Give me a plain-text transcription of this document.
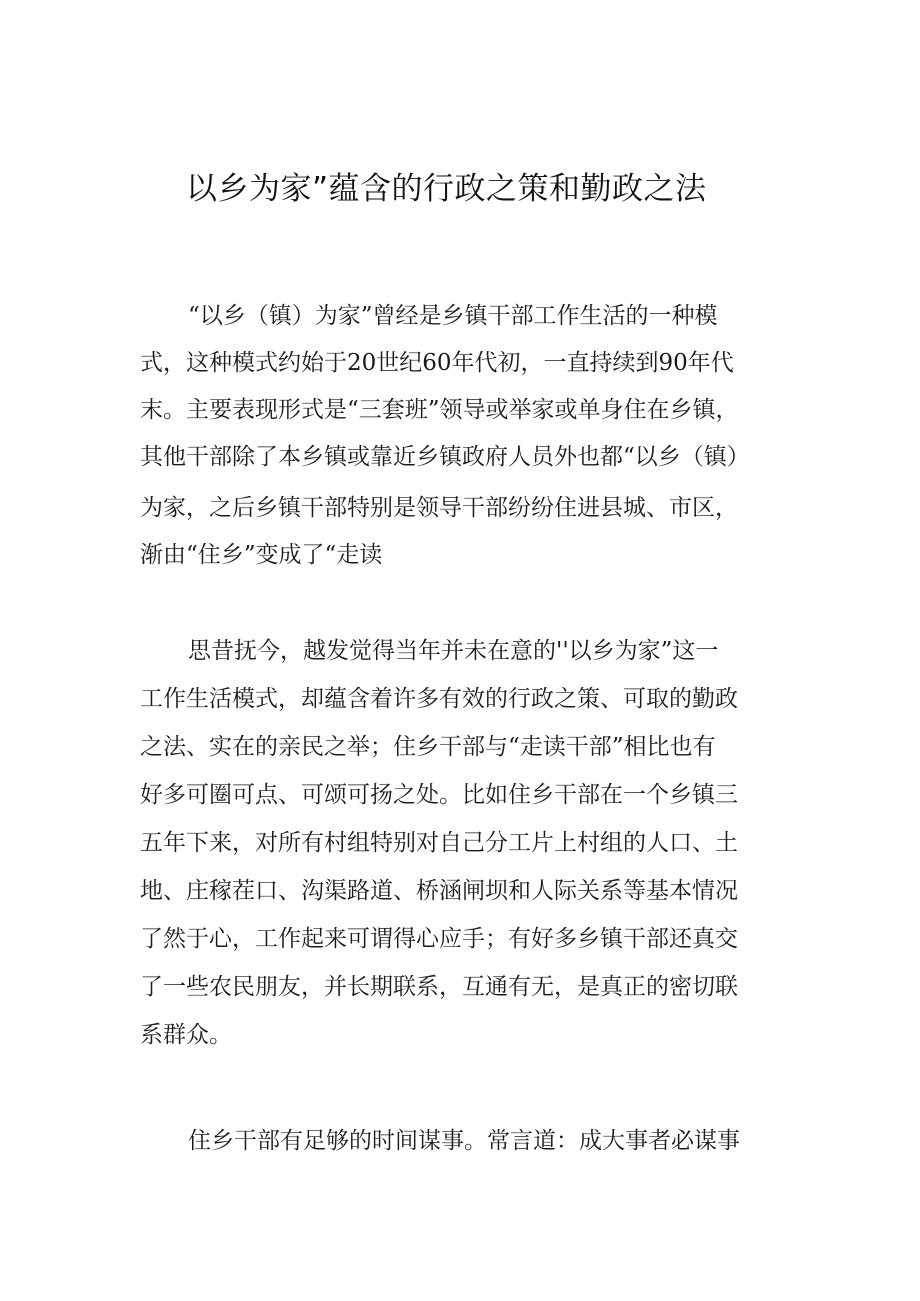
以乡为家”蕴含的行政之策和勤政之法
“以乡（镇）为家”曾经是乡镇干部工作生活的一种模
式，这种模式约始于20世纪60年代初，一直持续到90年代
末。主要表现形式是“三套班”领导或举家或单身住在乡镇，
其他干部除了本乡镇或靠近乡镇政府人员外也都“以乡（镇）
为家，之后乡镇干部特别是领导干部纷纷住进县城、市区，
渐由“住乡”变成了“走读
思昔抚今，越发觉得当年并未在意的''以乡为家”这一
工作生活模式，却蕴含着许多有效的行政之策、可取的勤政
之法、实在的亲民之举；住乡干部与“走读干部”相比也有
好多可圈可点、可颂可扬之处。比如住乡干部在一个乡镇三
五年下来，对所有村组特别对自己分工片上村组的人口、土
地、庄稼茬口、沟渠路道、桥涵闸坝和人际关系等基本情况
了然于心，工作起来可谓得心应手；有好多乡镇干部还真交
了一些农民朋友，并长期联系，互通有无，是真正的密切联
系群众。
住乡干部有足够的时间谋事。常言道：成大事者必谋事
